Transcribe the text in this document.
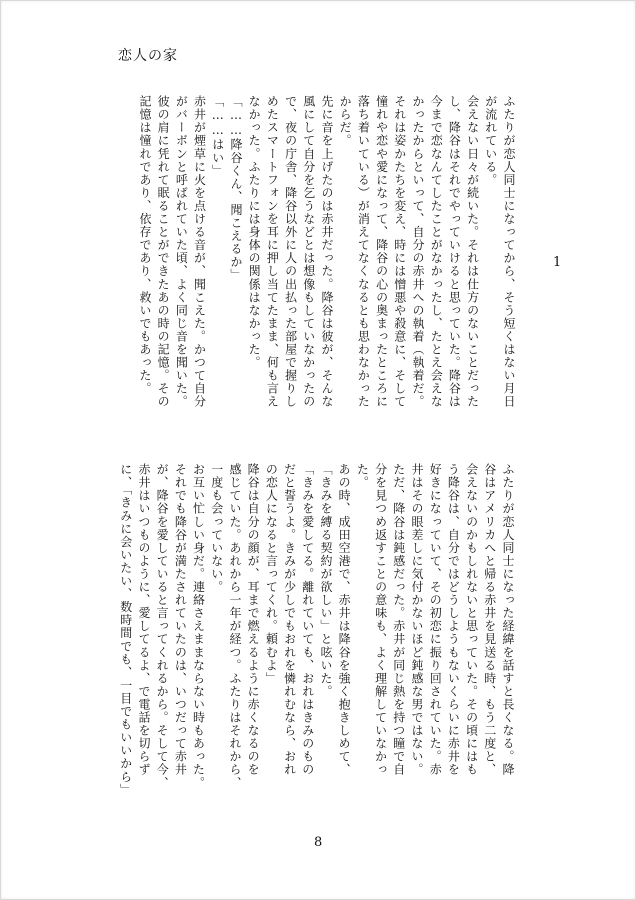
恋人の家
1
ふたりが恋人同士になってから、そう短くはない月日
が流れている。
会えない日々が続いた。それは仕方のないことだった
し、降谷はそれでやっていけると思っていた。降谷は
今まで恋なんてしたことがなかったし、たとえ会えな
かったからといって、自分の赤井への執着（執着だ。
それは姿かたちを変え、時には憎悪や殺意に、そして
憧れや恋や愛になって、降谷の心の奥まったところに
落ち着いている）が消えてなくなるとも思わなかった
からだ。
先に音を上げたのは赤井だった。降谷は彼が、そんな
風にして自分を乞うなどとは想像もしていなかったの
で、夜の庁舎、降谷以外に人の出払った部屋で握りし
めたスマートフォンを耳に押し当てたまま、何も言え
なかった。ふたりには身体の関係はなかった。
「……降谷くん、聞こえるか」
「……はい」
赤井が煙草に火を点ける音が、聞こえた。かつて自分
がバーボンと呼ばれていた頃、よく同じ音を聞いた。
彼の肩に凭れて眠ることができたあの時の記憶。その
記憶は憧れであり、依存であり、救いでもあった。
ふたりが恋人同士になった経緯を話すと長くなる。降
谷はアメリカへと帰る赤井を見送る時、もう二度と、
会えないのかもしれないと思っていた。その頃にはも
う降谷は、自分ではどうしようもないくらいに赤井を
好きになっていて、その初恋に振り回されていた。赤
井はその眼差しに気付かないほど鈍感な男ではない。
ただ、降谷は鈍感だった。赤井が同じ熱を持つ瞳で自
分を見つめ返すことの意味も、よく理解していなかっ
た。
あの時、成田空港で、赤井は降谷を強く抱きしめて、
「きみを縛る契約が欲しい」と呟いた。
「きみを愛してる。離れていても、おれはきみのもの
だと誓うよ。きみが少しでもおれを憐れむなら、おれ
の恋人になると言ってくれ。頼むよ」
降谷は自分の顔が、耳まで燃えるように赤くなるのを
感じていた。あれから一年が経つ。ふたりはそれから、
一度も会っていない。
お互い忙しい身だ。連絡さえままならない時もあった。
それでも降谷が満たされていたのは、いつだって赤井
が、降谷を愛していると言ってくれるから。そして今、
赤井はいつものように、愛してるよ、で電話を切らず
に、「きみに会いたい、数時間でも、一目でもいいから」
8
